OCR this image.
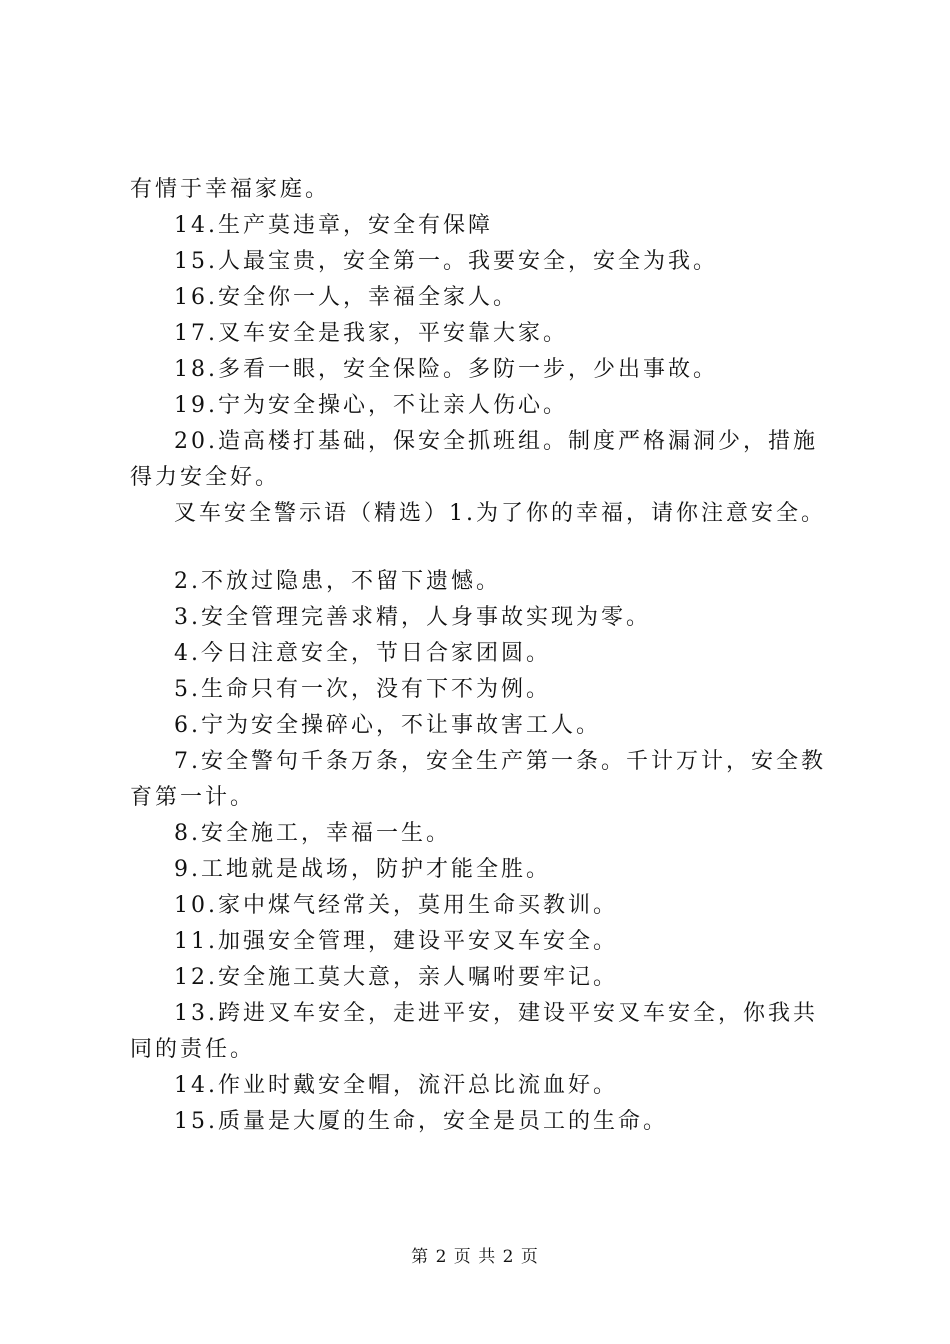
有情于幸福家庭。

14.生产莫违章，安全有保障

15.人最宝贵，安全第一。我要安全，安全为我。

16.安全你一人，幸福全家人。

17.叉车安全是我家，平安靠大家。

18.多看一眼，安全保险。多防一步，少出事故。

19.宁为安全操心，不让亲人伤心。

20.造高楼打基础，保安全抓班组。制度严格漏洞少，措施得力安全好。

叉车安全警示语（精选）1.为了你的幸福，请你注意安全。

2.不放过隐患，不留下遗憾。

3.安全管理完善求精，人身事故实现为零。

4.今日注意安全，节日合家团圆。

5.生命只有一次，没有下不为例。

6.宁为安全操碎心，不让事故害工人。

7.安全警句千条万条，安全生产第一条。千计万计，安全教育第一计。

8.安全施工，幸福一生。

9.工地就是战场，防护才能全胜。

10.家中煤气经常关，莫用生命买教训。

11.加强安全管理，建设平安叉车安全。

12.安全施工莫大意，亲人嘱咐要牢记。

13.跨进叉车安全，走进平安，建设平安叉车安全，你我共同的责任。

14.作业时戴安全帽，流汗总比流血好。

15.质量是大厦的生命，安全是员工的生命。

第 2 页 共 2 页
